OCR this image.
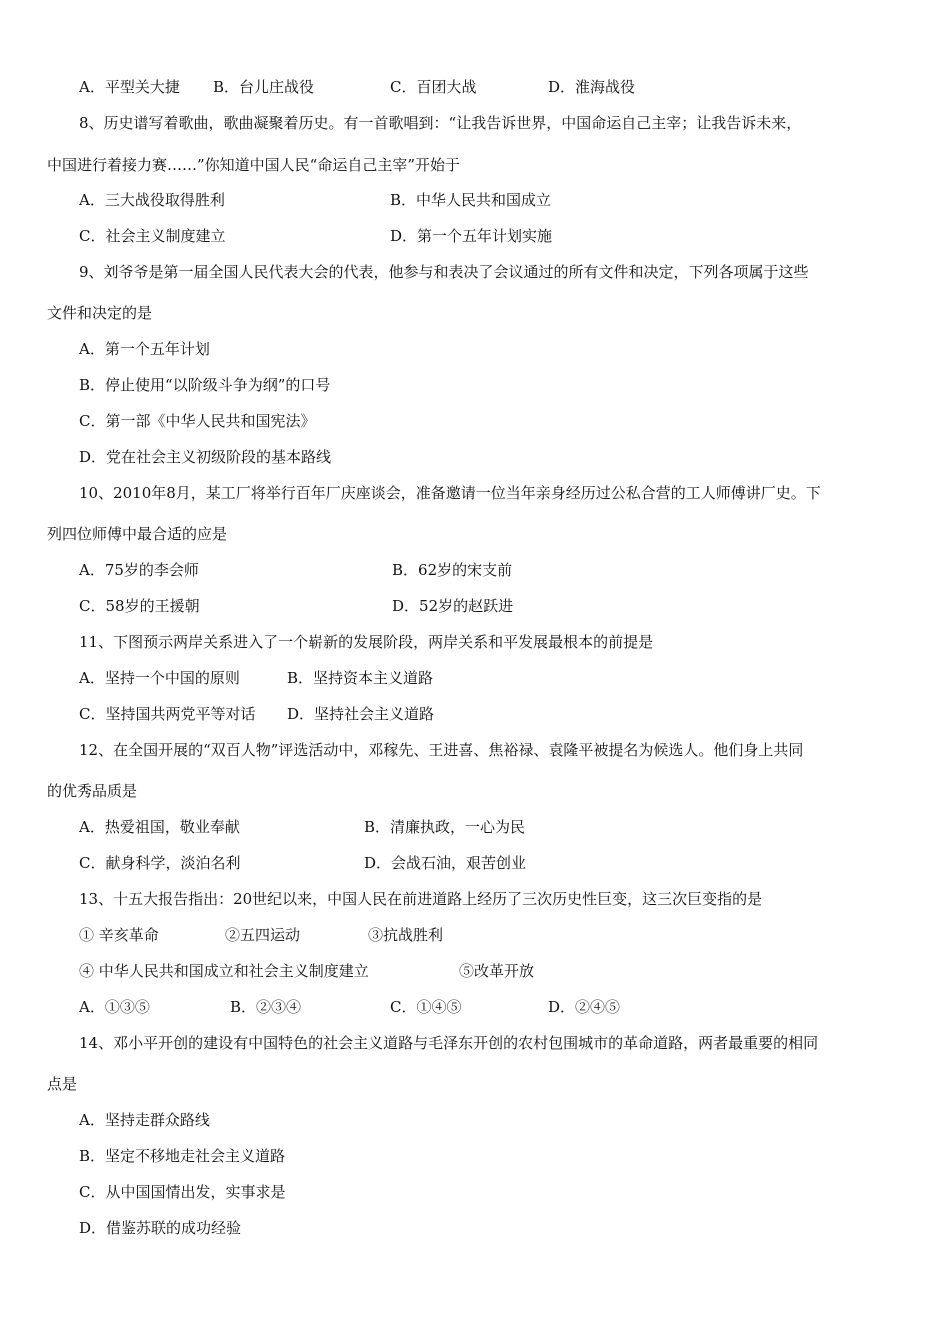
A．平型关大捷 B．台儿庄战役	C．百团大战	D．淮海战役
8、历史谱写着歌曲，歌曲凝聚着历史。有一首歌唱到：“让我告诉世界，中国命运自己主宰；让我告诉未来，
中国进行着接力赛……”你知道中国人民“命运自己主宰”开始于
A．三大战役取得胜利	B．中华人民共和国成立
C．社会主义制度建立	D．第一个五年计划实施
9、刘爷爷是第一届全国人民代表大会的代表，他参与和表决了会议通过的所有文件和决定，下列各项属于这些
文件和决定的是
A．第一个五年计划
B．停止使用“以阶级斗争为纲”的口号
C．第一部《中华人民共和国宪法》
D．党在社会主义初级阶段的基本路线
10、2010年8月，某工厂将举行百年厂庆座谈会，准备邀请一位当年亲身经历过公私合营的工人师傅讲厂史。下
列四位师傅中最合适的应是
A．75岁的李会师	B．62岁的宋支前
C．58岁的王援朝	D．52岁的赵跃进
11、下图预示两岸关系进入了一个崭新的发展阶段，两岸关系和平发展最根本的前提是
A．坚持一个中国的原则	B．坚持资本主义道路
C．坚持国共两党平等对话 D．坚持社会主义道路
12、在全国开展的“双百人物”评选活动中，邓稼先、王进喜、焦裕禄、袁隆平被提名为候选人。他们身上共同
的优秀品质是
A．热爱祖国，敬业奉献	B．清廉执政，一心为民
C．献身科学，淡泊名利	D．会战石油，艰苦创业
13、十五大报告指出：20世纪以来，中国人民在前进道路上经历了三次历史性巨变，这三次巨变指的是
① 辛亥革命	②五四运动	③抗战胜利
④ 中华人民共和国成立和社会主义制度建立	⑤改革开放
A．①③⑤	B．②③④	C．①④⑤	D．②④⑤
14、邓小平开创的建设有中国特色的社会主义道路与毛泽东开创的农村包围城市的革命道路，两者最重要的相同
点是
A．坚持走群众路线
B．坚定不移地走社会主义道路
C．从中国国情出发，实事求是
D．借鉴苏联的成功经验
